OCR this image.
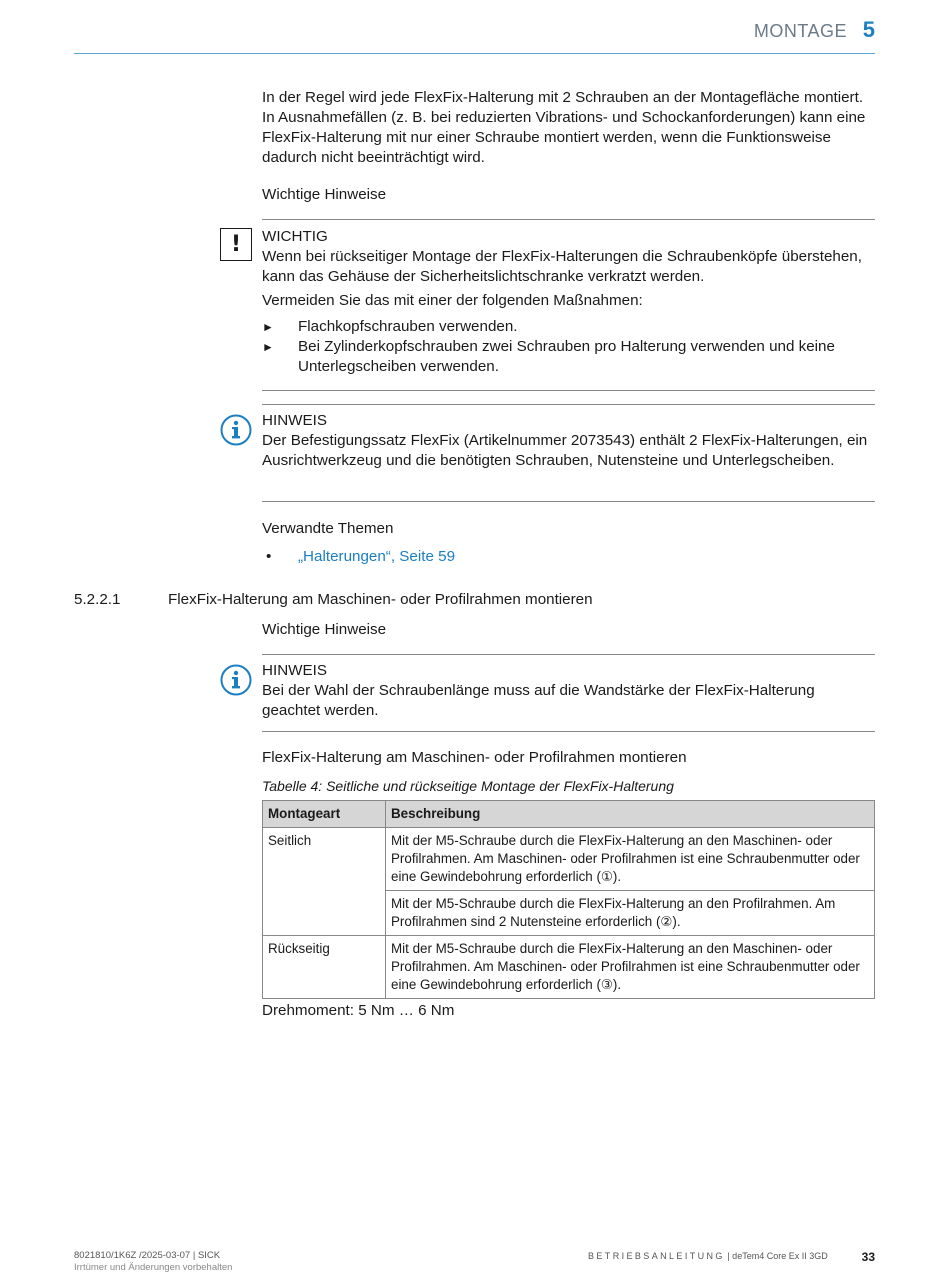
MONTAGE 5

In der Regel wird jede FlexFix-Halterung mit 2 Schrauben an der Montagefläche montiert. In Ausnahmefällen (z. B. bei reduzierten Vibrations- und Schockanforderungen) kann eine FlexFix-Halterung mit nur einer Schraube montiert werden, wenn die Funktionsweise dadurch nicht beeinträchtigt wird.

Wichtige Hinweise
!	WICHTIG

Wenn bei rückseitiger Montage der FlexFix-Halterungen die Schraubenköpfe überstehen, kann das Gehäuse der Sicherheitslichtschranke verkratzt werden.

Vermeiden Sie das mit einer der folgenden Maßnahmen:

► Flachkopfschrauben verwenden.
► Bei Zylinderkopfschrauben zwei Schrauben pro Halterung verwenden und keine Unterlegscheiben verwenden.
HINWEIS

Der Befestigungssatz FlexFix (Artikelnummer 2073543) enthält 2 FlexFix-Halterungen, ein Ausrichtwerkzeug und die benötigten Schrauben, Nutensteine und Unterlegscheiben.

Verwandte Themen
• „Halterungen“, Seite 59
5.2.2.1	FlexFix-Halterung am Maschinen- oder Profilrahmen montieren
Wichtige Hinweise
HINWEIS

Bei der Wahl der Schraubenlänge muss auf die Wandstärke der FlexFix-Halterung geachtet werden.

FlexFix-Halterung am Maschinen- oder Profilrahmen montieren
Tabelle 4: Seitliche und rückseitige Montage der FlexFix-Halterung
Montageart	Beschreibung
Seitlich	Mit der M5-Schraube durch die FlexFix-Halterung an den Maschinen- oder Profilrahmen. Am Maschinen- oder Profilrahmen ist eine Schraubenmutter oder eine Gewindebohrung erforderlich (①).
	Mit der M5-Schraube durch die FlexFix-Halterung an den Profilrahmen. Am Profilrahmen sind 2 Nutensteine erforderlich (②).
Rückseitig	Mit der M5-Schraube durch die FlexFix-Halterung an den Maschinen- oder Profilrahmen. Am Maschinen- oder Profilrahmen ist eine Schraubenmutter oder eine Gewindebohrung erforderlich (③).
Drehmoment: 5 Nm … 6 Nm
8021810/1K6Z /2025-03-07 | SICK
Irrtümer und Änderungen vorbehalten
BETRIEBSANLEITUNG | deTem4 Core Ex II 3GD	33
